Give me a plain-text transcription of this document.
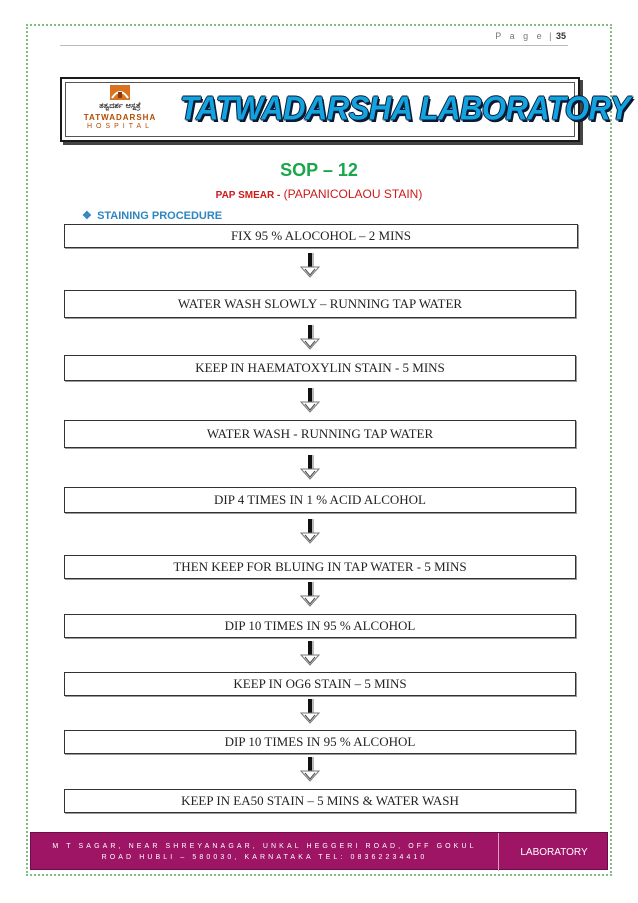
P a g e | 35
ತತ್ವದರ್ಶ ಆಸ್ಪತ್ರೆ
TATWADARSHA
HOSPITAL TATWADARSHA LABORATORY
SOP – 12
PAP SMEAR - (PAPANICOLAOU STAIN)
❖ STAINING PROCEDURE
FIX 95 % ALOCOHOL – 2 MINS
WATER WASH SLOWLY – RUNNING TAP WATER
KEEP IN HAEMATOXYLIN STAIN - 5 MINS
WATER WASH - RUNNING TAP WATER
DIP 4 TIMES IN 1 % ACID ALCOHOL
THEN KEEP FOR BLUING IN TAP WATER - 5 MINS
DIP 10 TIMES IN 95 % ALCOHOL
KEEP IN OG6 STAIN – 5 MINS
DIP 10 TIMES IN 95 % ALCOHOL
KEEP IN EA50 STAIN – 5 MINS & WATER WASH
M T SAGAR, NEAR SHREYANAGAR, UNKAL HEGGERI ROAD, OFF GOKUL
ROAD HUBLI – 580030, KARNATAKA TEL: 08362234410	LABORATORY
